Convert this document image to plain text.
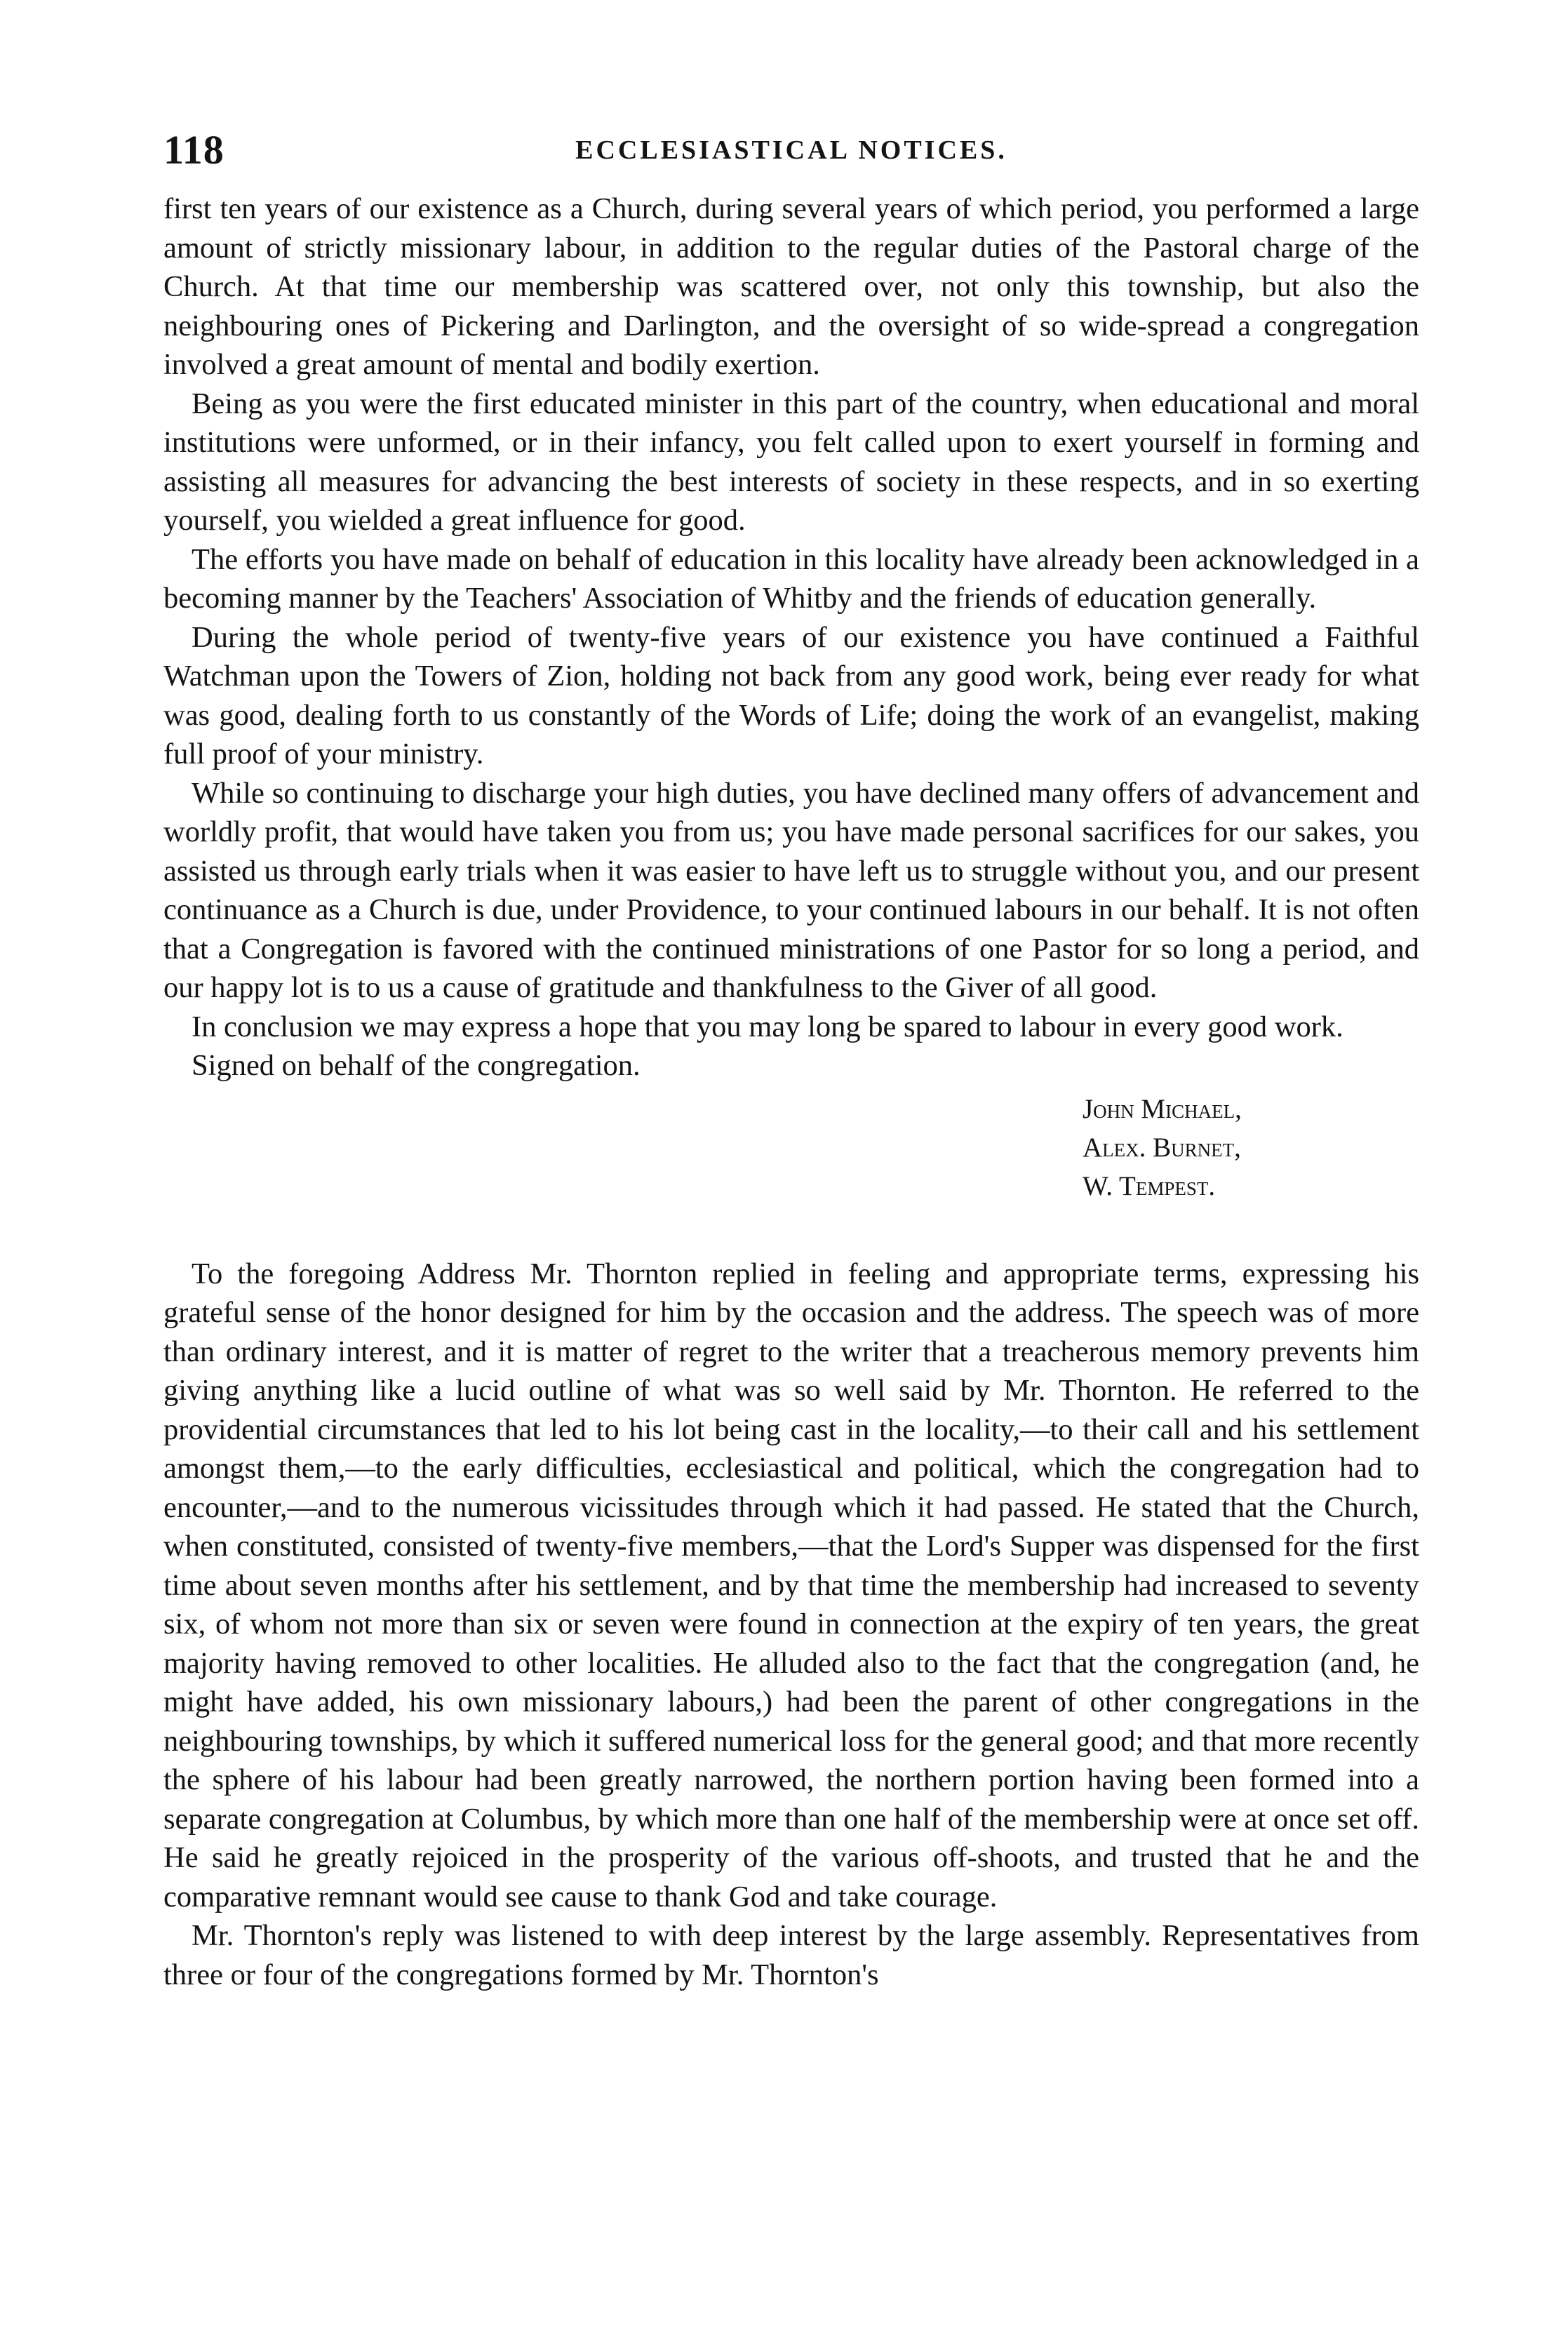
118	ECCLESIASTICAL NOTICES.

first ten years of our existence as a Church, during several years of which period, you performed a large amount of strictly missionary labour, in addition to the regular duties of the Pastoral charge of the Church. At that time our membership was scattered over, not only this township, but also the neighbouring ones of Pickering and Darlington, and the oversight of so wide-spread a congregation involved a great amount of mental and bodily exertion.

Being as you were the first educated minister in this part of the country, when educational and moral institutions were unformed, or in their infancy, you felt called upon to exert yourself in forming and assisting all measures for advancing the best interests of society in these respects, and in so exerting yourself, you wielded a great influence for good.

The efforts you have made on behalf of education in this locality have already been acknowledged in a becoming manner by the Teachers' Association of Whitby and the friends of education generally.

During the whole period of twenty-five years of our existence you have continued a Faithful Watchman upon the Towers of Zion, holding not back from any good work, being ever ready for what was good, dealing forth to us constantly of the Words of Life; doing the work of an evangelist, making full proof of your ministry.

While so continuing to discharge your high duties, you have declined many offers of advancement and worldly profit, that would have taken you from us; you have made personal sacrifices for our sakes, you assisted us through early trials when it was easier to have left us to struggle without you, and our present continuance as a Church is due, under Providence, to your continued labours in our behalf. It is not often that a Congregation is favored with the continued ministrations of one Pastor for so long a period, and our happy lot is to us a cause of gratitude and thankfulness to the Giver of all good.

In conclusion we may express a hope that you may long be spared to labour in every good work.

Signed on behalf of the congregation.

John Michael,
Alex. Burnet,
W. Tempest.

To the foregoing Address Mr. Thornton replied in feeling and appropriate terms, expressing his grateful sense of the honor designed for him by the occasion and the address. The speech was of more than ordinary interest, and it is matter of regret to the writer that a treacherous memory prevents him giving anything like a lucid outline of what was so well said by Mr. Thornton. He referred to the providential circumstances that led to his lot being cast in the locality,—to their call and his settlement amongst them,—to the early difficulties, ecclesiastical and political, which the congregation had to encounter,—and to the numerous vicissitudes through which it had passed. He stated that the Church, when constituted, consisted of twenty-five members,—that the Lord's Supper was dispensed for the first time about seven months after his settlement, and by that time the membership had increased to seventy six, of whom not more than six or seven were found in connection at the expiry of ten years, the great majority having removed to other localities. He alluded also to the fact that the congregation (and, he might have added, his own missionary labours,) had been the parent of other congregations in the neighbouring townships, by which it suffered numerical loss for the general good; and that more recently the sphere of his labour had been greatly narrowed, the northern portion having been formed into a separate congregation at Columbus, by which more than one half of the membership were at once set off. He said he greatly rejoiced in the prosperity of the various off-shoots, and trusted that he and the comparative remnant would see cause to thank God and take courage.

Mr. Thornton's reply was listened to with deep interest by the large assembly. Representatives from three or four of the congregations formed by Mr. Thornton's
